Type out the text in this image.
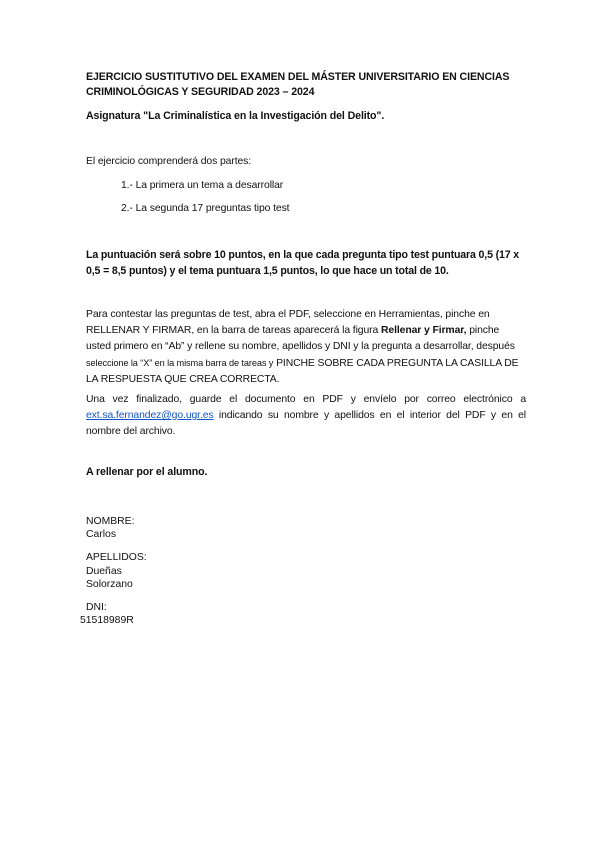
EJERCICIO SUSTITUTIVO DEL EXAMEN DEL MÁSTER UNIVERSITARIO EN CIENCIAS CRIMINOLÓGICAS Y SEGURIDAD 2023 – 2024
Asignatura "La Criminalística en la Investigación del Delito".
El ejercicio comprenderá dos partes:
1.- La primera un tema a desarrollar
2.- La segunda 17 preguntas tipo test
La puntuación será sobre 10 puntos, en la que cada pregunta tipo test puntuara 0,5 (17 x 0,5 = 8,5 puntos) y el tema puntuara 1,5 puntos, lo que hace un total de 10.
Para contestar las preguntas de test, abra el PDF, seleccione en Herramientas, pinche en RELLENAR Y FIRMAR, en la barra de tareas aparecerá la figura Rellenar y Firmar, pinche usted primero en “Ab” y rellene su nombre, apellidos y DNI y la pregunta a desarrollar, después seleccione la “X” en la misma barra de tareas y PINCHE SOBRE CADA PREGUNTA LA CASILLA DE LA RESPUESTA QUE CREA CORRECTA.
Una vez finalizado, guarde el documento en PDF y envíelo por correo electrónico a ext.sa.fernandez@go.ugr.es indicando su nombre y apellidos en el interior del PDF y en el nombre del archivo.
A rellenar por el alumno.
NOMBRE:
Carlos
APELLIDOS:
Dueñas
Solorzano
DNI:
51518989R
